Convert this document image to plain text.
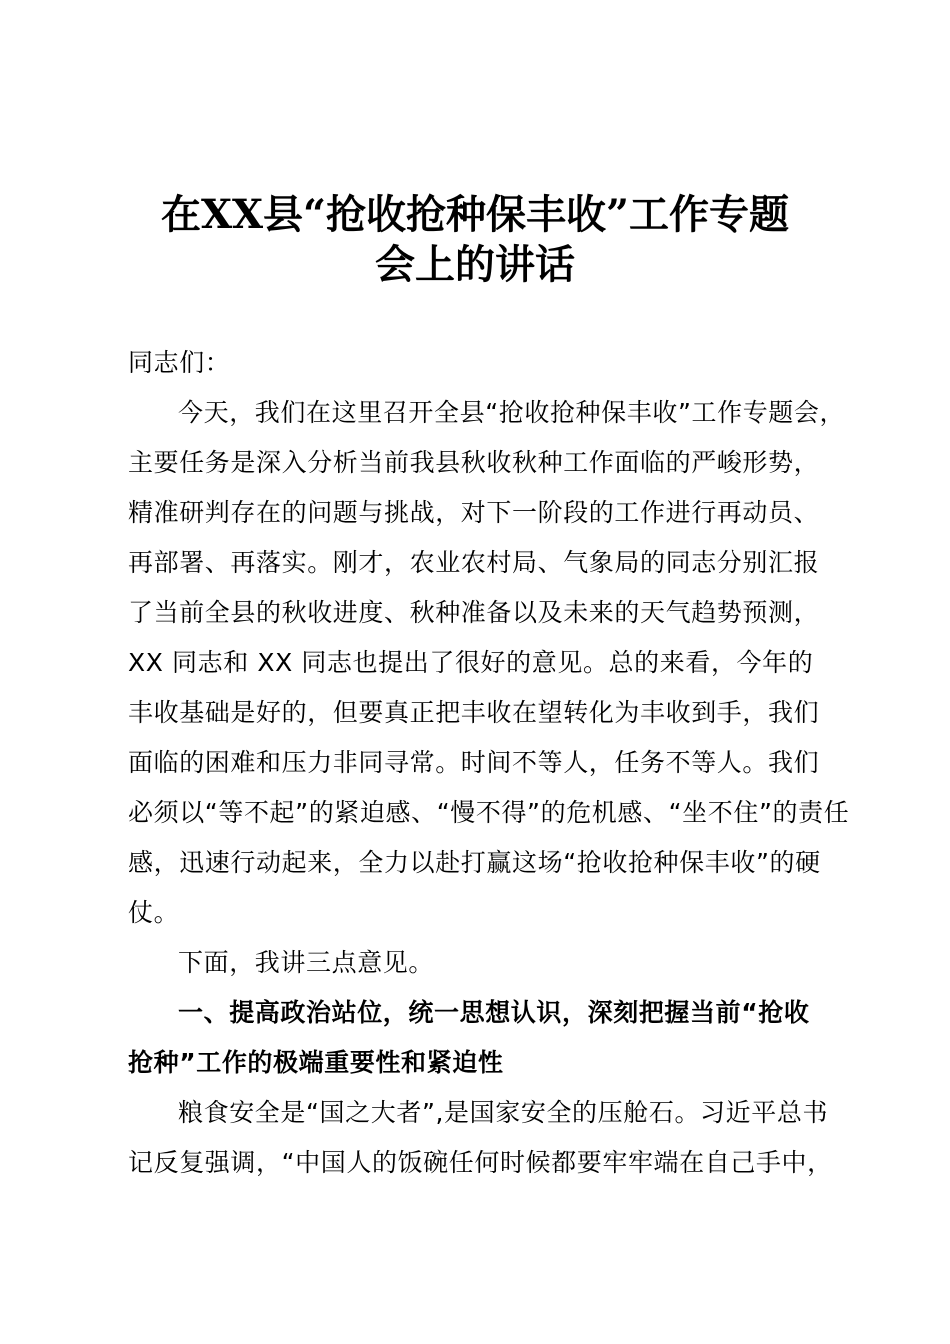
在XX县“抢收抢种保丰收”工作专题
会上的讲话
同志们：
今天，我们在这里召开全县“抢收抢种保丰收”工作专题会，
主要任务是深入分析当前我县秋收秋种工作面临的严峻形势，
精准研判存在的问题与挑战，对下一阶段的工作进行再动员、
再部署、再落实。刚才，农业农村局、气象局的同志分别汇报
了当前全县的秋收进度、秋种准备以及未来的天气趋势预测，
XX 同志和 XX 同志也提出了很好的意见。总的来看，今年的
丰收基础是好的，但要真正把丰收在望转化为丰收到手，我们
面临的困难和压力非同寻常。时间不等人，任务不等人。我们
必须以“等不起”的紧迫感、“慢不得”的危机感、“坐不住”的责任
感，迅速行动起来，全力以赴打赢这场“抢收抢种保丰收”的硬
仗。
下面，我讲三点意见。
一、提高政治站位，统一思想认识，深刻把握当前“抢收
抢种”工作的极端重要性和紧迫性
粮食安全是“国之大者”,是国家安全的压舱石。习近平总书
记反复强调，“中国人的饭碗任何时候都要牢牢端在自己手中，
